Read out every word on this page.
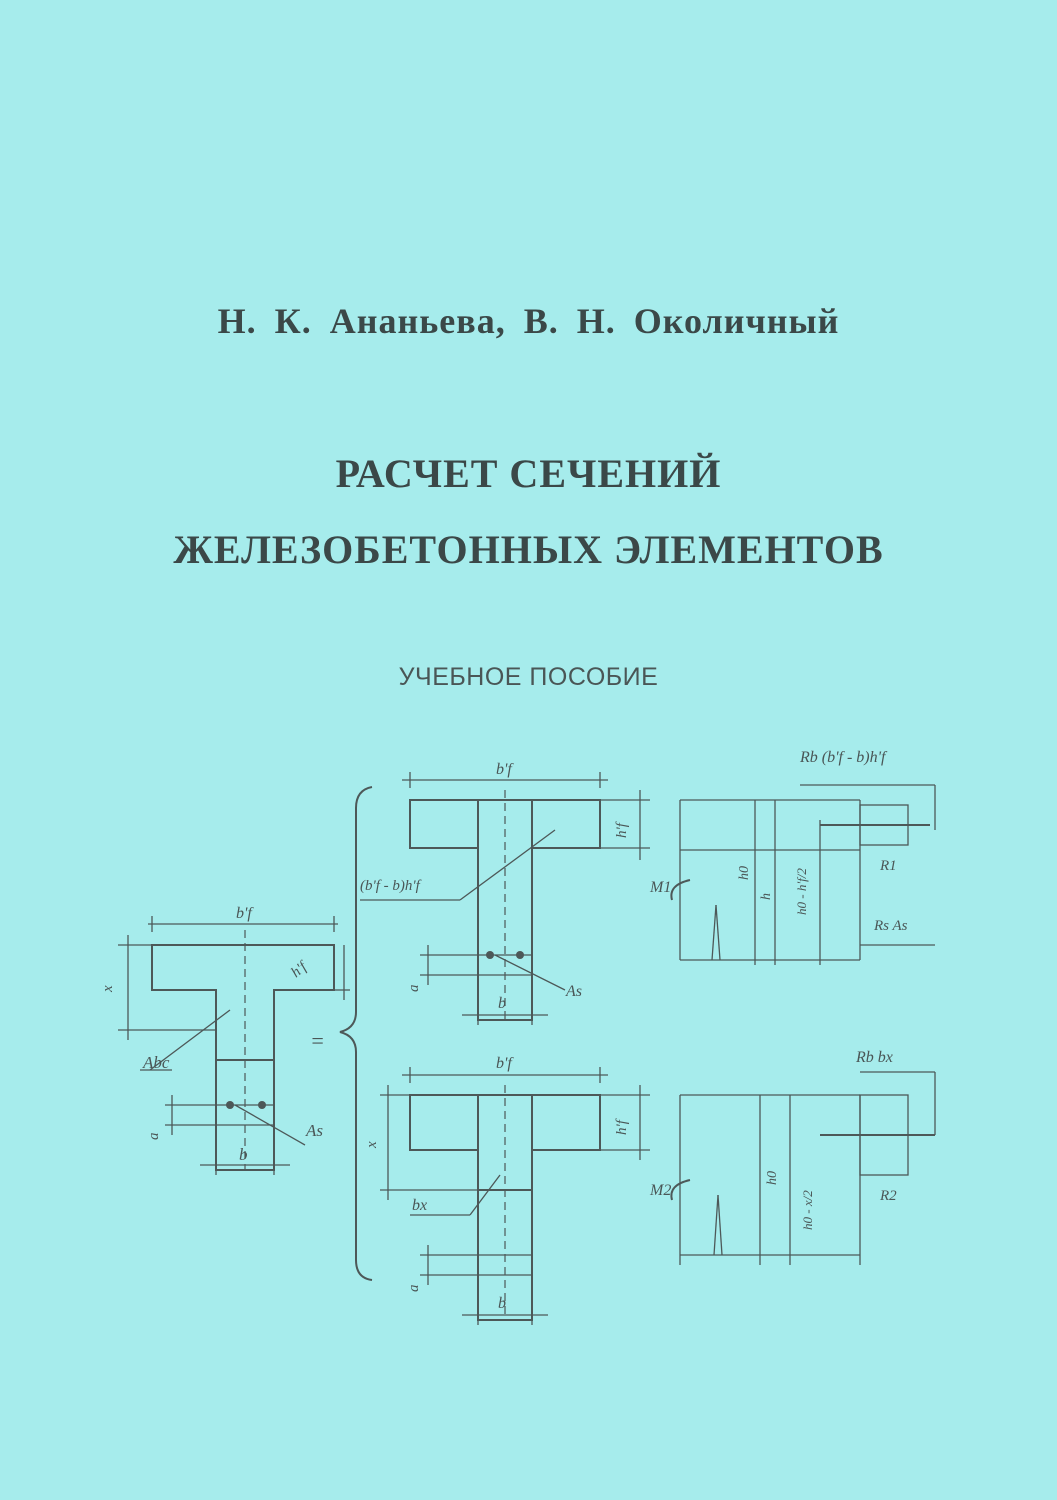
Н. К. Ананьева, В. Н. Околичный
РАСЧЕТ СЕЧЕНИЙ
ЖЕЛЕЗОБЕТОННЫХ ЭЛЕМЕНТОВ
УЧЕБНОЕ ПОСОБИЕ
b'f
x
h'f
Abc
As
a
b
=
b'f
h'f
(b'f - b)h'f
As
a
b
Rb (b'f - b)h'f
M1
h0
h h0 - h'f/2
Rs As
R1
b'f
h'f
x
bx
a
b
Rb bx
M2
h0
h0 - x/2	R2
